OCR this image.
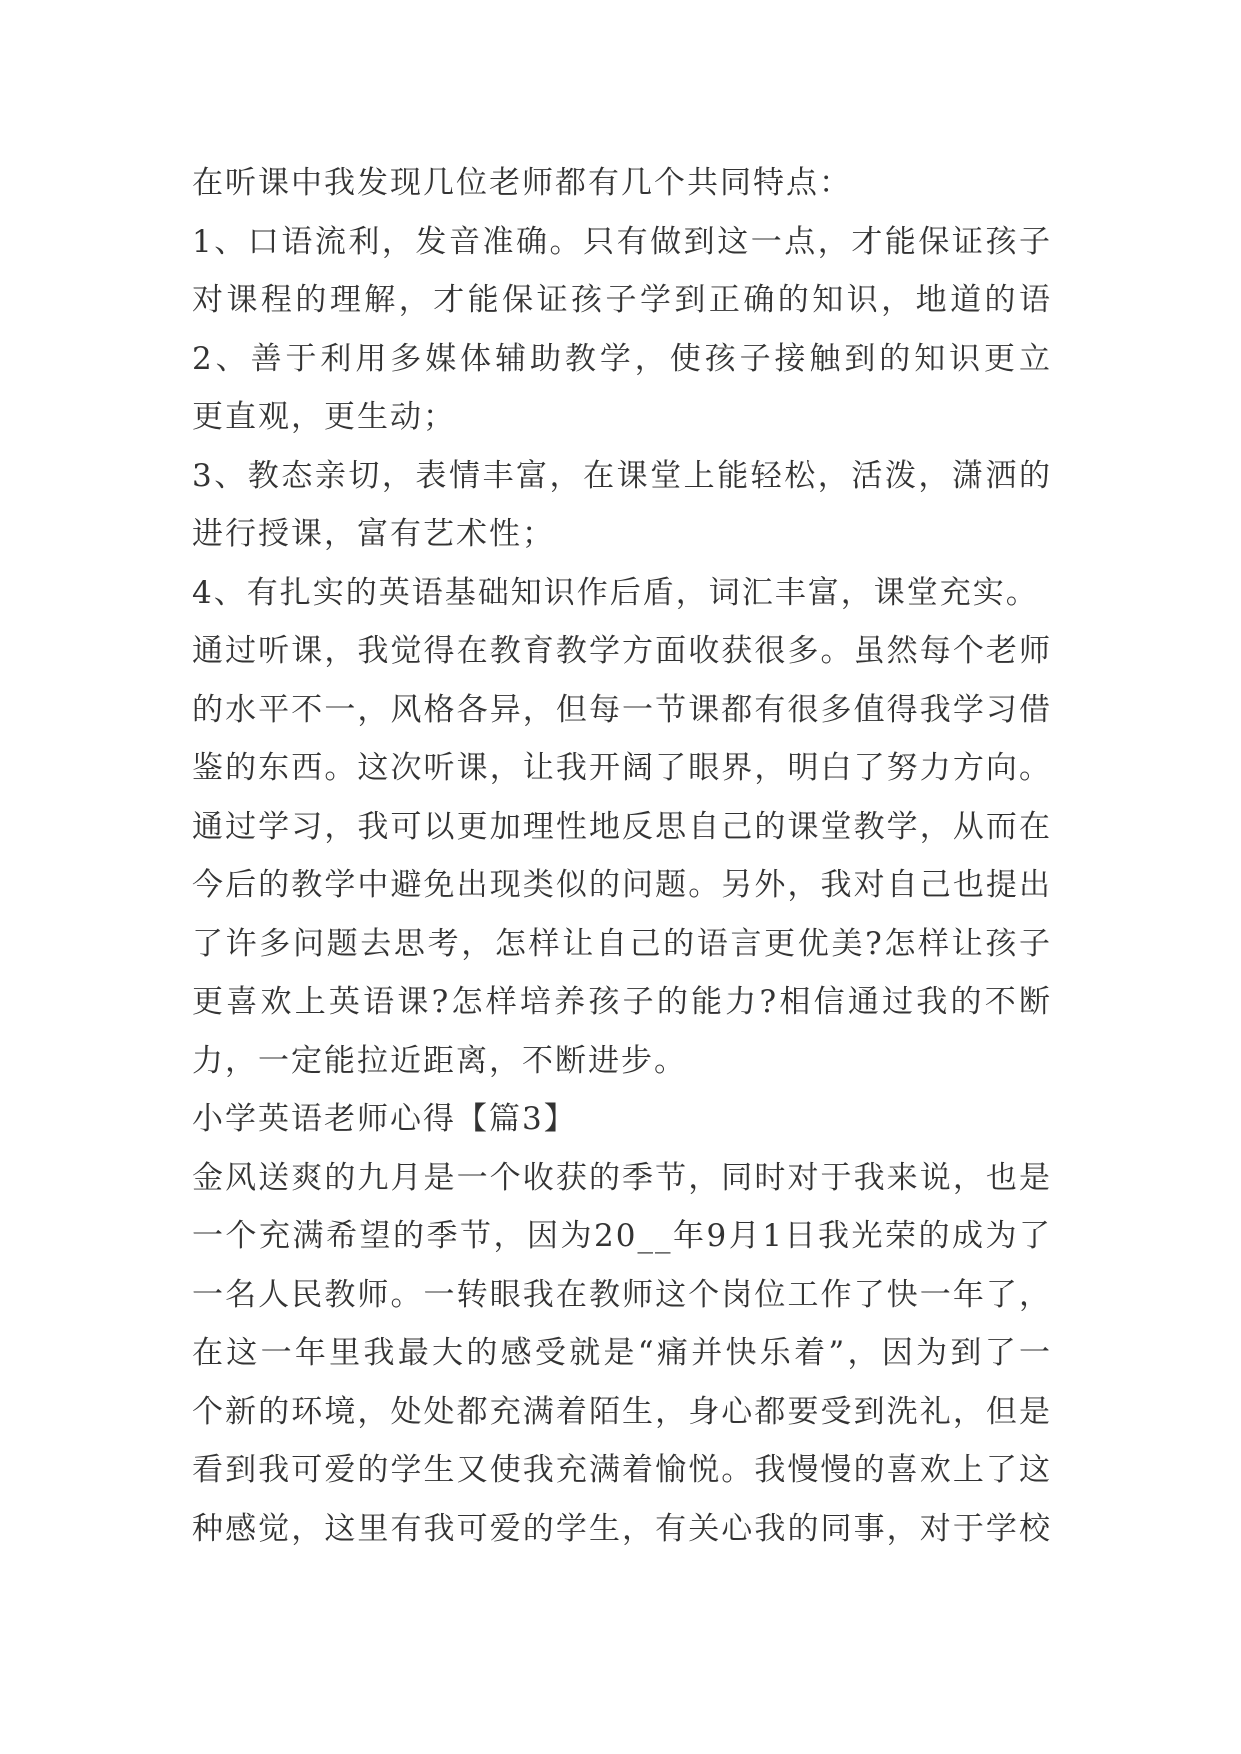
在听课中我发现几位老师都有几个共同特点：
1、口语流利，发音准确。只有做到这一点，才能保证孩子
对课程的理解，才能保证孩子学到正确的知识，地道的语
2、善于利用多媒体辅助教学，使孩子接触到的知识更立
更直观，更生动；
3、教态亲切，表情丰富，在课堂上能轻松，活泼，潇洒的
进行授课，富有艺术性；
4、有扎实的英语基础知识作后盾，词汇丰富，课堂充实。
通过听课，我觉得在教育教学方面收获很多。虽然每个老师
的水平不一，风格各异，但每一节课都有很多值得我学习借
鉴的东西。这次听课，让我开阔了眼界，明白了努力方向。
通过学习，我可以更加理性地反思自己的课堂教学，从而在
今后的教学中避免出现类似的问题。另外，我对自己也提出
了许多问题去思考，怎样让自己的语言更优美?怎样让孩子
更喜欢上英语课?怎样培养孩子的能力?相信通过我的不断
力，一定能拉近距离，不断进步。
小学英语老师心得【篇3】
金风送爽的九月是一个收获的季节，同时对于我来说，也是
一个充满希望的季节，因为20__年9月1日我光荣的成为了
一名人民教师。一转眼我在教师这个岗位工作了快一年了，
在这一年里我最大的感受就是“痛并快乐着”，因为到了一
个新的环境，处处都充满着陌生，身心都要受到洗礼，但是
看到我可爱的学生又使我充满着愉悦。我慢慢的喜欢上了这
种感觉，这里有我可爱的学生，有关心我的同事，对于学校
